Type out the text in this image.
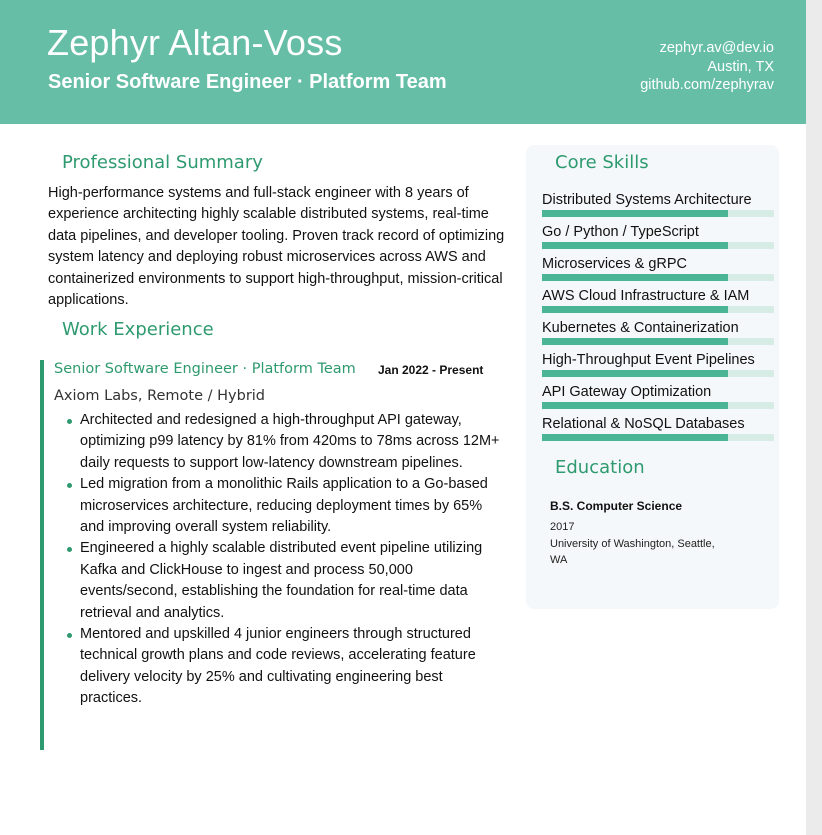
Zephyr Altan-Voss
Senior Software Engineer · Platform Team
zephyr.av@dev.io
Austin, TX
github.com/zephyrav
Professional Summary
High-performance systems and full-stack engineer with 8 years of experience architecting highly scalable distributed systems, real-time data pipelines, and developer tooling. Proven track record of optimizing system latency and deploying robust microservices across AWS and containerized environments to support high-throughput, mission-critical applications.
Work Experience
Senior Software Engineer · Platform Team Jan 2022 - Present
Axiom Labs, Remote / Hybrid
Architected and redesigned a high-throughput API gateway, optimizing p99 latency by 81% from 420ms to 78ms across 12M+ daily requests to support low-latency downstream pipelines.
Led migration from a monolithic Rails application to a Go-based microservices architecture, reducing deployment times by 65% and improving overall system reliability.
Engineered a highly scalable distributed event pipeline utilizing Kafka and ClickHouse to ingest and process 50,000 events/second, establishing the foundation for real-time data retrieval and analytics.
Mentored and upskilled 4 junior engineers through structured technical growth plans and code reviews, accelerating feature delivery velocity by 25% and cultivating engineering best practices.
Core Skills
Distributed Systems Architecture
Go / Python / TypeScript
Microservices & gRPC
AWS Cloud Infrastructure & IAM
Kubernetes & Containerization
High-Throughput Event Pipelines
API Gateway Optimization
Relational & NoSQL Databases
Education
B.S. Computer Science
2017
University of Washington, Seattle, WA
